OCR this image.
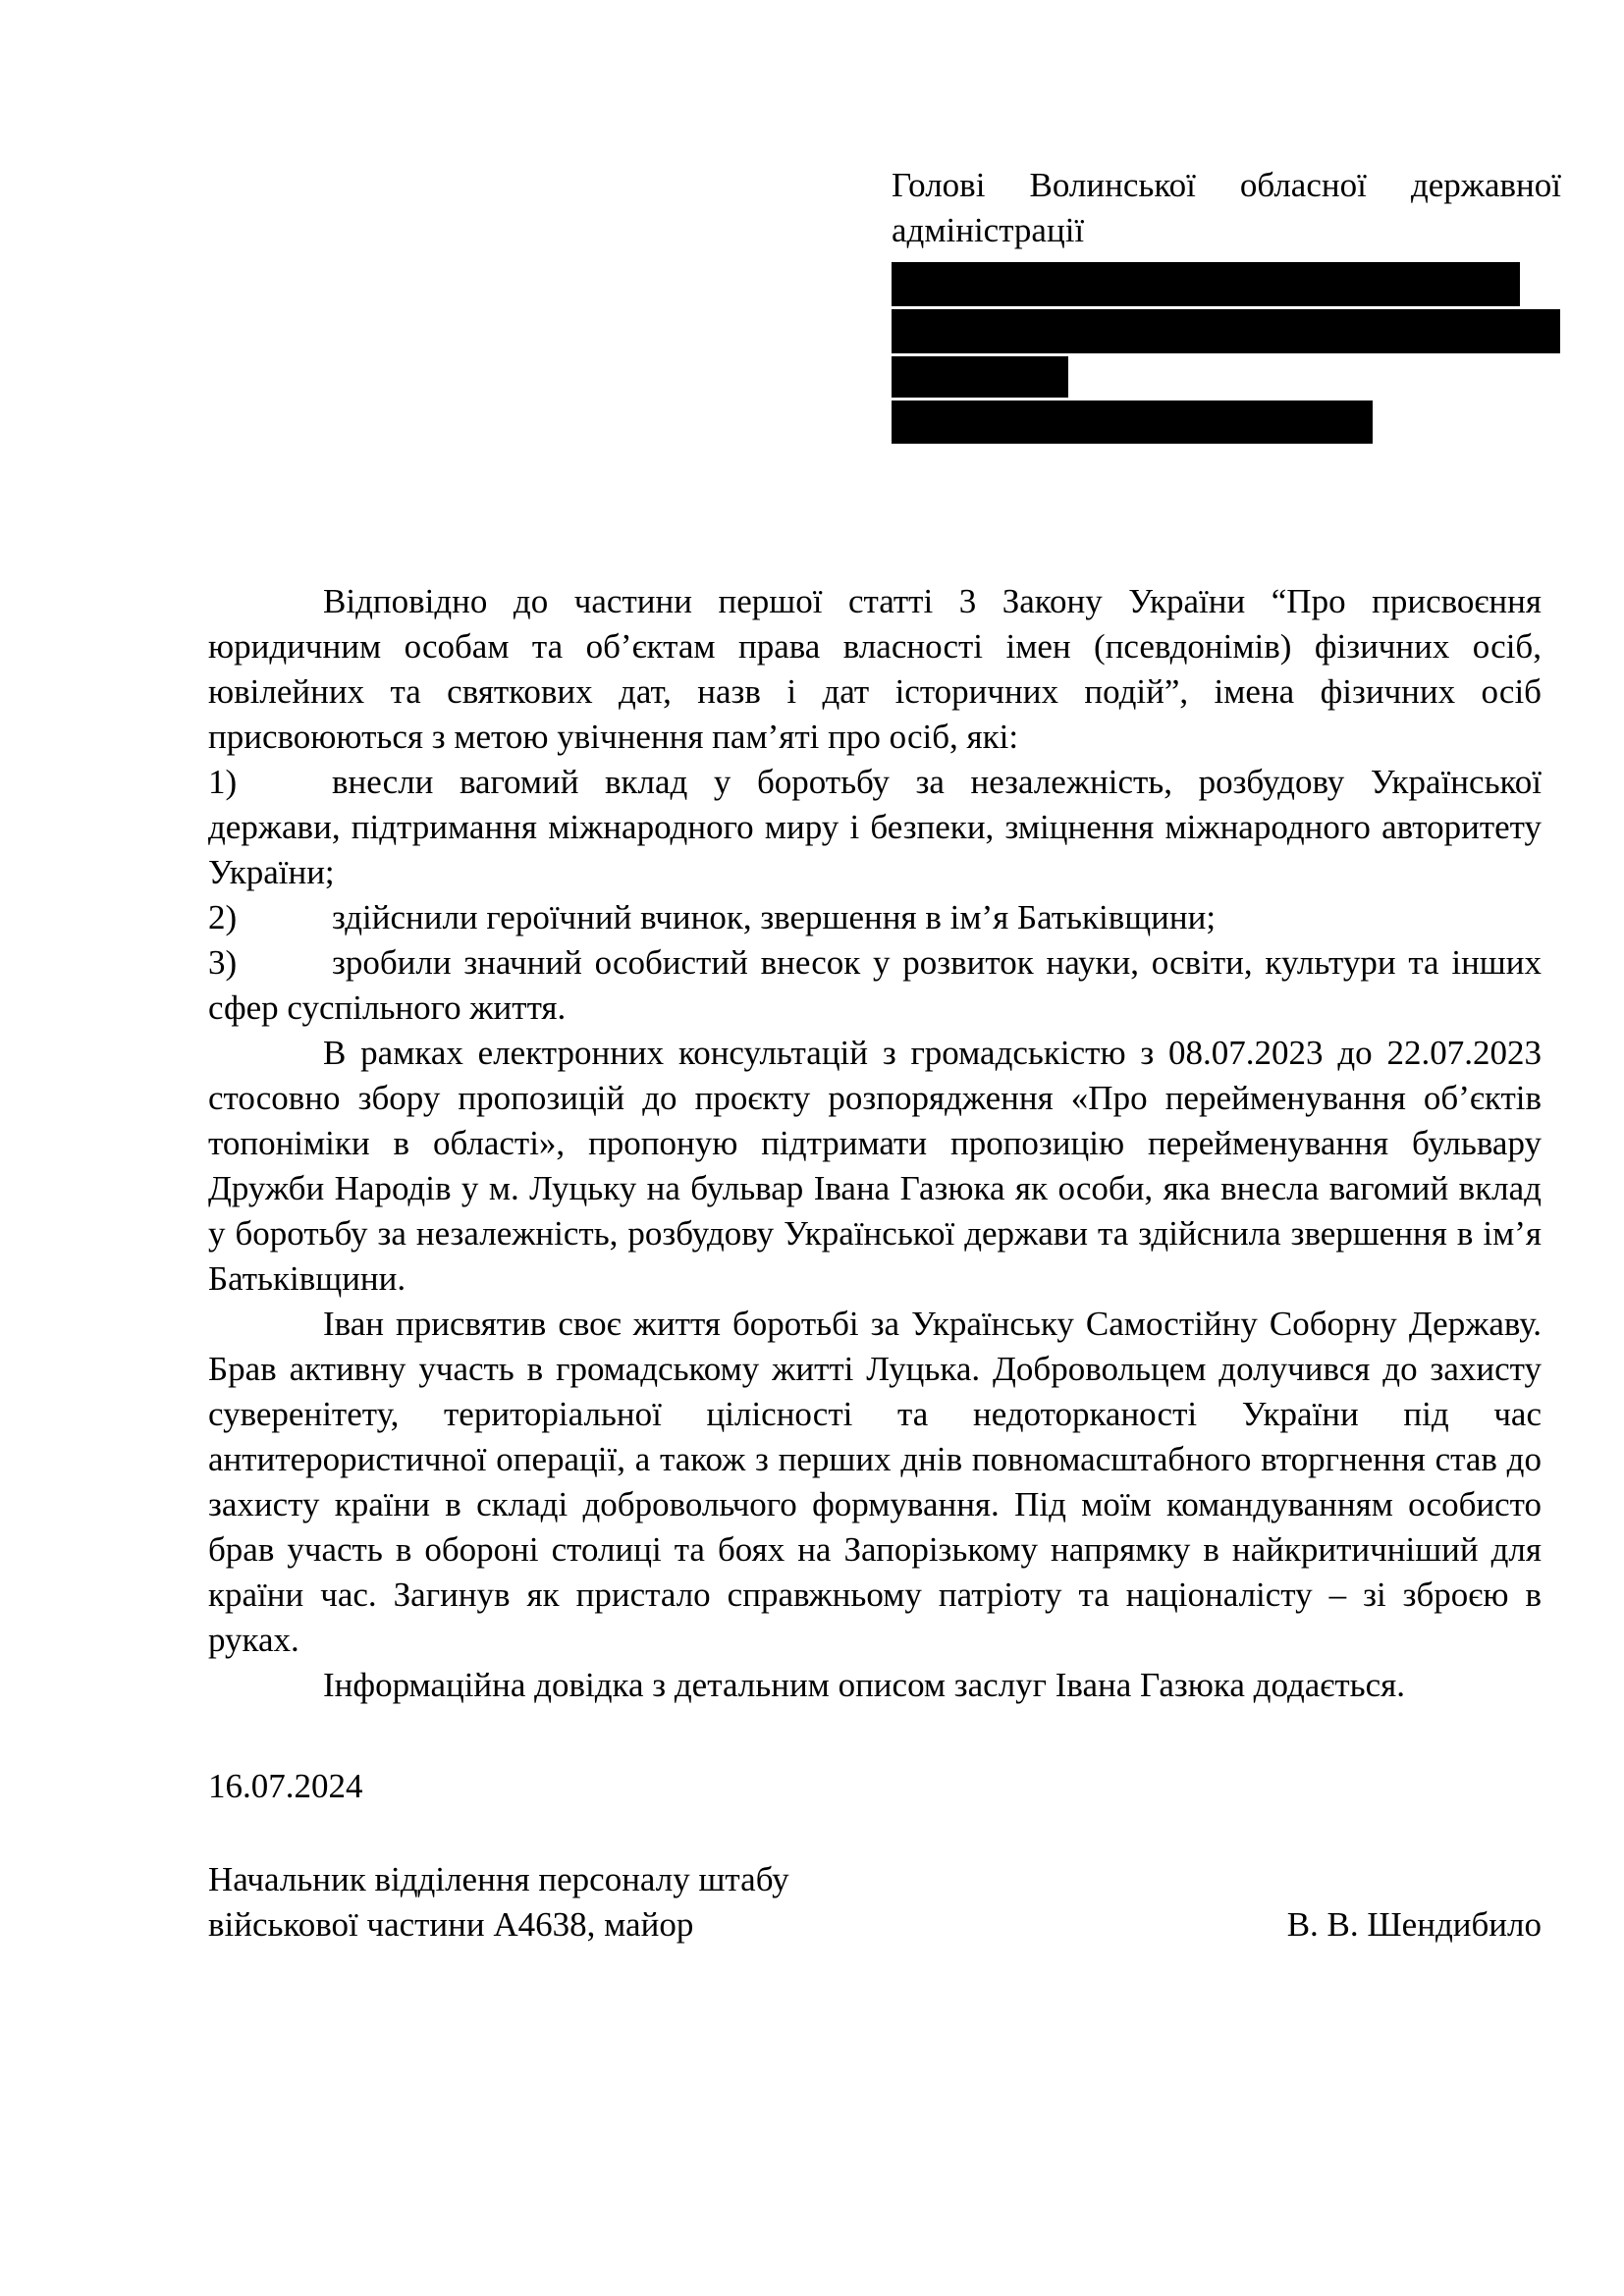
Голові Волинської обласної державної
адміністрації

Відповідно до частини першої статті 3 Закону України “Про присвоєння юридичним особам та об’єктам права власності імен (псевдонімів) фізичних осіб, ювілейних та святкових дат, назв і дат історичних подій”, імена фізичних осіб присвоюються з метою увічнення пам’яті про осіб, які:

1)	внесли вагомий вклад у боротьбу за незалежність, розбудову Української держави, підтримання міжнародного миру і безпеки, зміцнення міжнародного авторитету України;

2)	здійснили героїчний вчинок, звершення в ім’я Батьківщини;

3)	зробили значний особистий внесок у розвиток науки, освіти, культури та інших сфер суспільного життя.

В рамках електронних консультацій з громадськістю з 08.07.2023 до 22.07.2023 стосовно збору пропозицій до проєкту розпорядження «Про перейменування об’єктів топоніміки в області», пропоную підтримати пропозицію перейменування бульвару Дружби Народів у м. Луцьку на бульвар Івана Газюка як особи, яка внесла вагомий вклад у боротьбу за незалежність, розбудову Української держави та здійснила звершення в ім’я Батьківщини.

Іван присвятив своє життя боротьбі за Українську Самостійну Соборну Державу. Брав активну участь в громадському житті Луцька. Добровольцем долучився до захисту суверенітету, територіальної цілісності та недоторканості України під час антитерористичної операції, а також з перших днів повномасштабного вторгнення став до захисту країни в складі добровольчого формування. Під моїм командуванням особисто брав участь в обороні столиці та боях на Запорізькому напрямку в найкритичніший для країни час. Загинув як пристало справжньому патріоту та націоналісту – зі зброєю в руках.

Інформаційна довідка з детальним описом заслуг Івана Газюка додається.

16.07.2024
Начальник відділення персоналу штабу
військової частини А4638, майор	В. В. Шендибило
